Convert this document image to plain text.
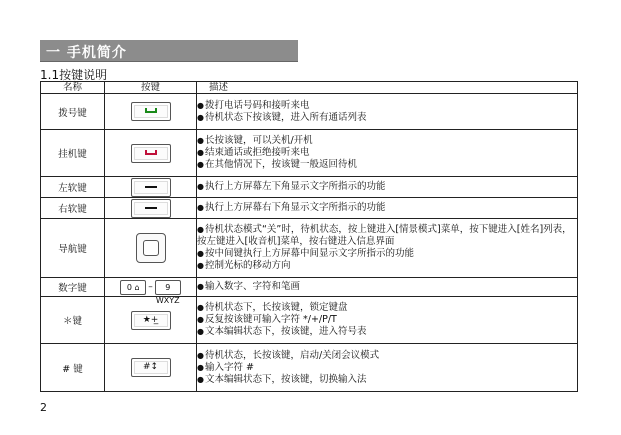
一 手机简介
1.1按键说明
名称	按键	描述
拨号键		● 拨打电话号码和接听来电
● 待机状态下按该键，进入所有通话列表

挂机键		● 长按该键，可以关机/开机
● 结束通话或拒绝接听来电
● 在其他情况下，按该键一般返回待机

左软键		● 执行上方屏幕左下角显示文字所指示的功能

右软键		● 执行上方屏幕右下角显示文字所指示的功能

导航键		● 待机状态模式“关”时，待机状态，按上键进入[情景模式]菜单，按下键进入[姓名]列表，按左键进入[收音机]菜单，按右键进入信息界面
● 按中间键执行上方屏幕中间显示文字所指示的功能
● 控制光标的移动方向

数字键	0 ⌂ – 9 WXYZ	● 输入数字、字符和笔画

＊键	★+̲	● 待机状态下，长按该键，锁定键盘
● 反复按该键可输入字符 */+/P/T
● 文本编辑状态下，按该键，进入符号表

# 键	#↕	● 待机状态，长按该键，启动/关闭会议模式
● 输入字符 #
● 文本编辑状态下，按该键，切换输入法
2
